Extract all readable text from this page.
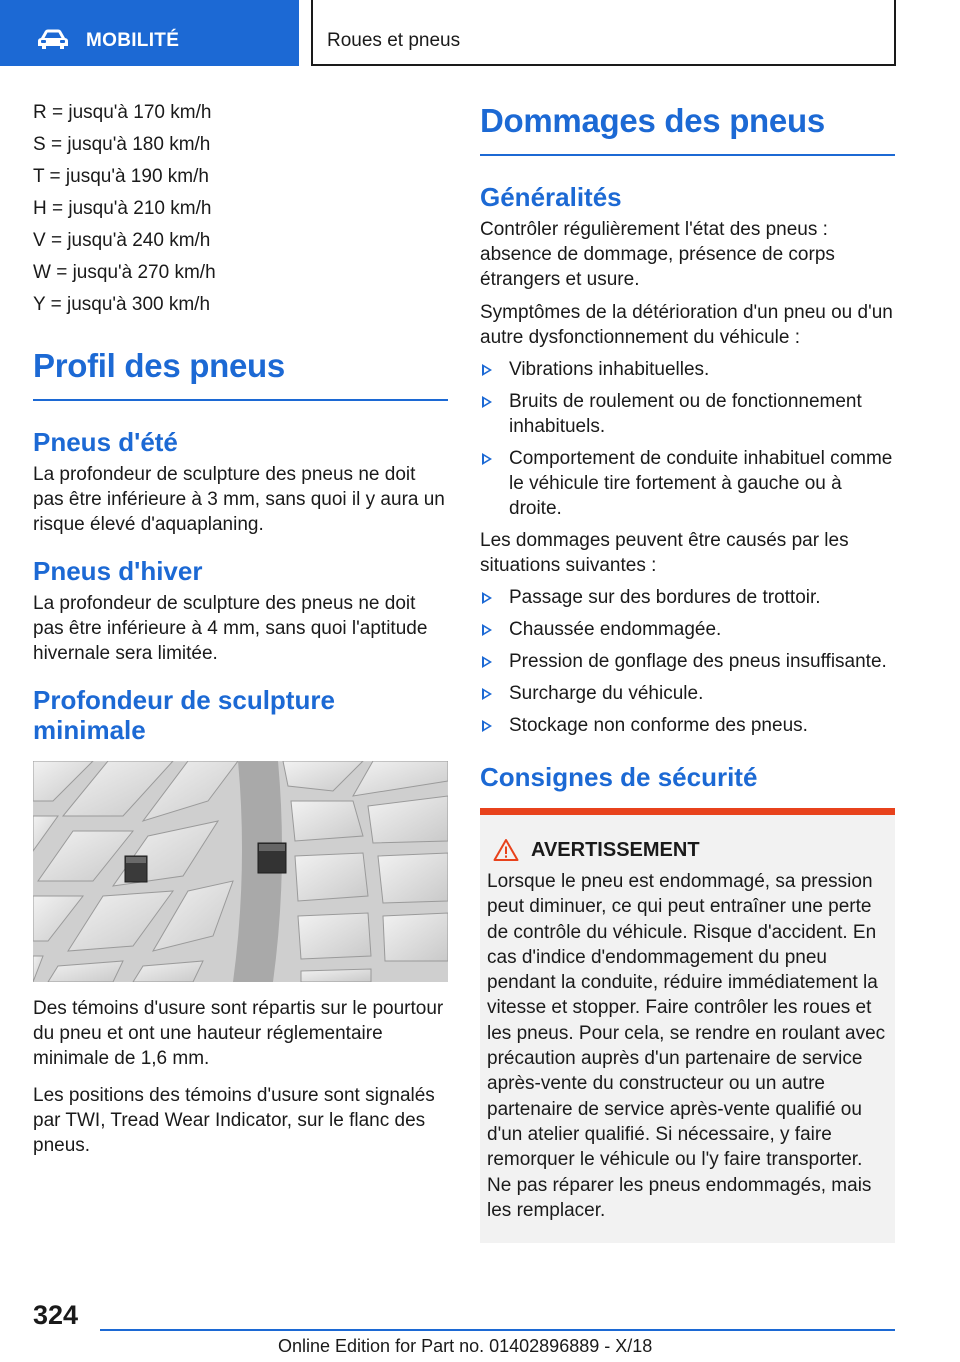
MOBILITÉ	Roues et pneus
R = jusqu'à 170 km/h
S = jusqu'à 180 km/h
T = jusqu'à 190 km/h
H = jusqu'à 210 km/h
V = jusqu'à 240 km/h
W = jusqu'à 270 km/h
Y = jusqu'à 300 km/h
Profil des pneus
Pneus d'été

La profondeur de sculpture des pneus ne doit pas être inférieure à 3 mm, sans quoi il y aura un risque élevé d'aquaplaning.

Pneus d'hiver

La profondeur de sculpture des pneus ne doit pas être inférieure à 4 mm, sans quoi l'aptitude hivernale sera limitée.

Profondeur de sculpture minimale

Des témoins d'usure sont répartis sur le pourtour du pneu et ont une hauteur réglementaire minimale de 1,6 mm.

Les positions des témoins d'usure sont signalés par TWI, Tread Wear Indicator, sur le flanc des pneus.

Dommages des pneus
Généralités

Contrôler régulièrement l'état des pneus : absence de dommage, présence de corps étrangers et usure.

Symptômes de la détérioration d'un pneu ou d'un autre dysfonctionnement du véhicule :

Vibrations inhabituelles.
Bruits de roulement ou de fonctionnement inhabituels.
Comportement de conduite inhabituel comme le véhicule tire fortement à gauche ou à droite.

Les dommages peuvent être causés par les situations suivantes :

Passage sur des bordures de trottoir.
Chaussée endommagée.
Pression de gonflage des pneus insuffisante.
Surcharge du véhicule.
Stockage non conforme des pneus.
Consignes de sécurité
AVERTISSEMENT

Lorsque le pneu est endommagé, sa pression peut diminuer, ce qui peut entraîner une perte de contrôle du véhicule. Risque d'accident. En cas d'indice d'endommagement du pneu pendant la conduite, réduire immédiatement la vitesse et stopper. Faire contrôler les roues et les pneus. Pour cela, se rendre en roulant avec précaution auprès d'un partenaire de service après-vente du constructeur ou un autre partenaire de service après-vente qualifié ou d'un atelier qualifié. Si nécessaire, y faire remorquer le véhicule ou l'y faire transporter. Ne pas réparer les pneus endommagés, mais les remplacer.

324
Online Edition for Part no. 01402896889 - X/18
